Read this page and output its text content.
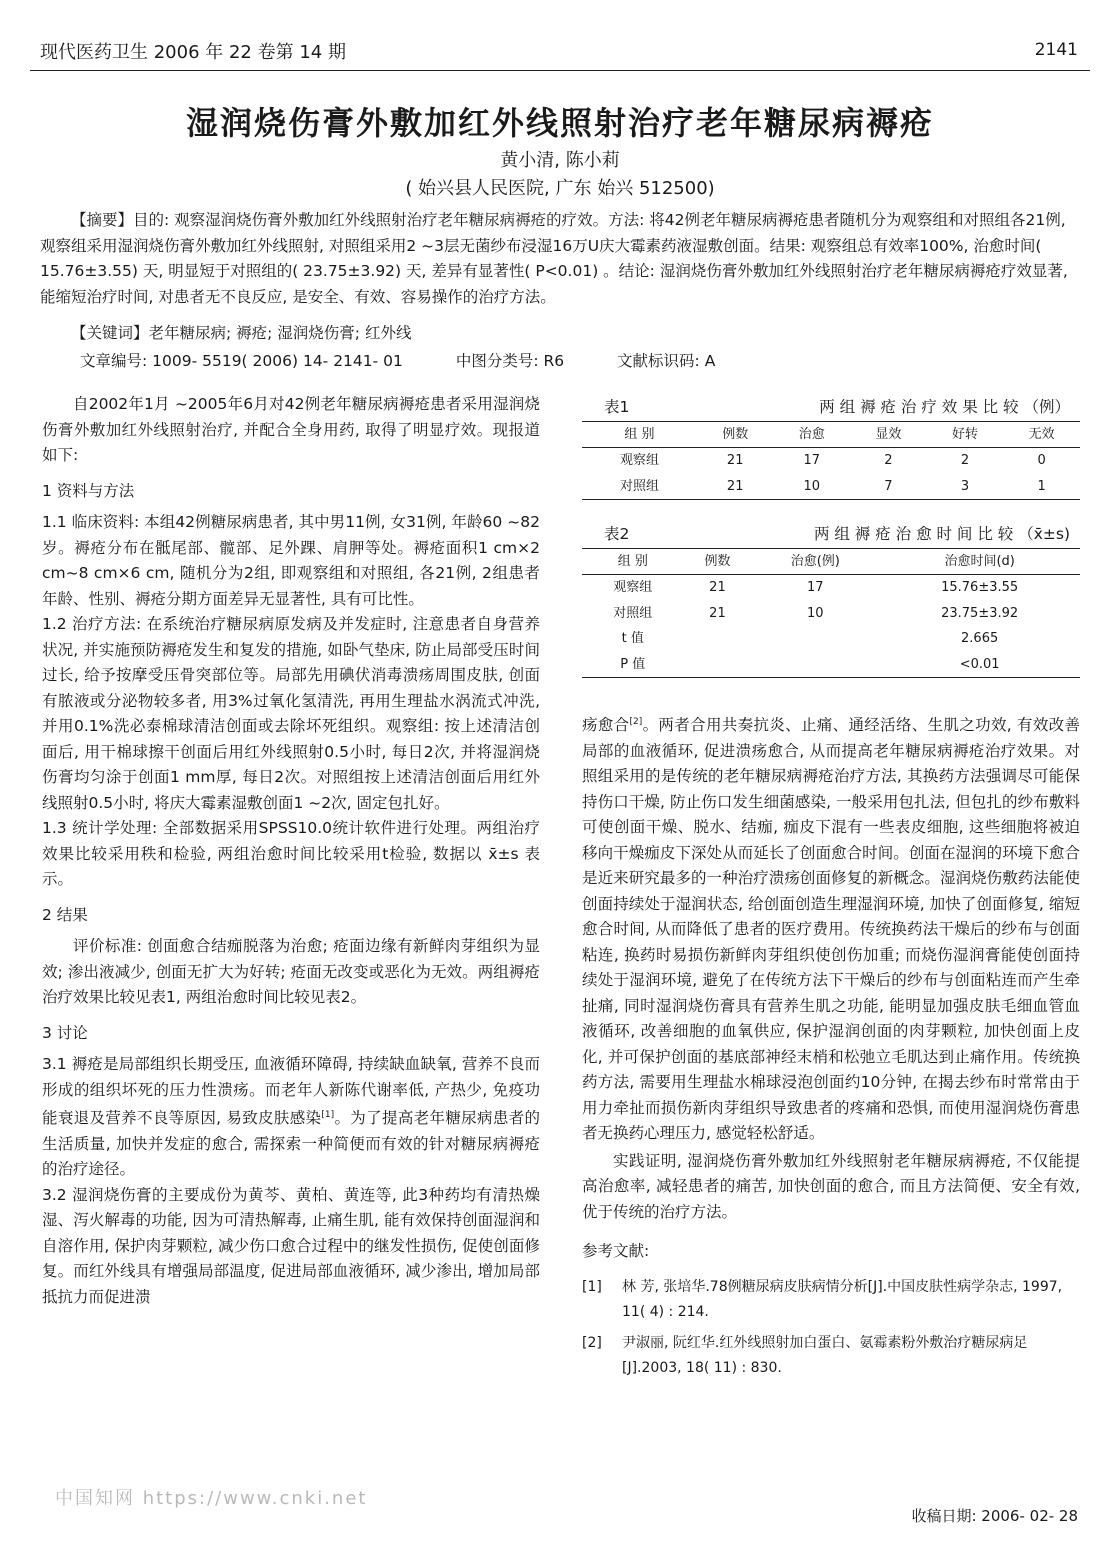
现代医药卫生 2006 年 22 卷第 14 期	2141
湿润烧伤膏外敷加红外线照射治疗老年糖尿病褥疮
黄小清, 陈小莉
( 始兴县人民医院, 广东 始兴 512500)

【摘要】目的: 观察湿润烧伤膏外敷加红外线照射治疗老年糖尿病褥疮的疗效。方法: 将42例老年糖尿病褥疮患者随机分为观察组和对照组各21例, 观察组采用湿润烧伤膏外敷加红外线照射, 对照组采用2 ~3层无菌纱布浸湿16万U庆大霉素药液湿敷创面。结果: 观察组总有效率100%, 治愈时间( 15.76±3.55) 天, 明显短于对照组的( 23.75±3.92) 天, 差异有显著性( P<0.01) 。结论: 湿润烧伤膏外敷加红外线照射治疗老年糖尿病褥疮疗效显著, 能缩短治疗时间, 对患者无不良反应, 是安全、有效、容易操作的治疗方法。

【关键词】老年糖尿病; 褥疮; 湿润烧伤膏; 红外线
文章编号: 1009- 5519( 2006) 14- 2141- 01	中图分类号: R6	文献标识码: A

自2002年1月 ~2005年6月对42例老年糖尿病褥疮患者采用湿润烧伤膏外敷加红外线照射治疗, 并配合全身用药, 取得了明显疗效。现报道如下:

1 资料与方法

1.1 临床资料: 本组42例糖尿病患者, 其中男11例, 女31例, 年龄60 ~82岁。褥疮分布在骶尾部、髋部、足外踝、肩胛等处。褥疮面积1 cm×2 cm~8 cm×6 cm, 随机分为2组, 即观察组和对照组, 各21例, 2组患者年龄、性别、褥疮分期方面差异无显著性, 具有可比性。

1.2 治疗方法: 在系统治疗糖尿病原发病及并发症时, 注意患者自身营养状况, 并实施预防褥疮发生和复发的措施, 如卧气垫床, 防止局部受压时间过长, 给予按摩受压骨突部位等。局部先用碘伏消毒溃疡周围皮肤, 创面有脓液或分泌物较多者, 用3%过氧化氢清洗, 再用生理盐水涡流式冲洗, 并用0.1%洗必泰棉球清洁创面或去除坏死组织。观察组: 按上述清洁创面后, 用干棉球擦干创面后用红外线照射0.5小时, 每日2次, 并将湿润烧伤膏均匀涂于创面1 mm厚, 每日2次。对照组按上述清洁创面后用红外线照射0.5小时, 将庆大霉素湿敷创面1 ~2次, 固定包扎好。

1.3 统计学处理: 全部数据采用SPSS10.0统计软件进行处理。两组治疗效果比较采用秩和检验, 两组治愈时间比较采用t检验, 数据以 x̄±s 表示。

2 结果

评价标准: 创面愈合结痂脱落为治愈; 疮面边缘有新鲜肉芽组织为显效; 渗出液减少, 创面无扩大为好转; 疮面无改变或恶化为无效。两组褥疮治疗效果比较见表1, 两组治愈时间比较见表2。

3 讨论

3.1 褥疮是局部组织长期受压, 血液循环障碍, 持续缺血缺氧, 营养不良而形成的组织坏死的压力性溃疡。而老年人新陈代谢率低, 产热少, 免疫功能衰退及营养不良等原因, 易致皮肤感染[1]。为了提高老年糖尿病患者的生活质量, 加快并发症的愈合, 需探索一种简便而有效的针对糖尿病褥疮的治疗途径。

3.2 湿润烧伤膏的主要成份为黄芩、黄柏、黄连等, 此3种药均有清热燥湿、泻火解毒的功能, 因为可清热解毒, 止痛生肌, 能有效保持创面湿润和自溶作用, 保护肉芽颗粒, 减少伤口愈合过程中的继发性损伤, 促使创面修复。而红外线具有增强局部温度, 促进局部血液循环, 减少渗出, 增加局部抵抗力而促进溃

表1	两 组 褥 疮 治 疗 效 果 比 较 （例）
组 别	例数	治愈	显效	好转	无效
观察组	21	17	2	2	0
对照组	21	10	7	3	1
表2	两 组 褥 疮 治 愈 时 间 比 较 （x̄±s)
组 别	例数	治愈(例)	治愈时间(d)
观察组	21	17	15.76±3.55
对照组	21	10	23.75±3.92
t 值			2.665
P 值			<0.01

疡愈合[2]。两者合用共奏抗炎、止痛、通经活络、生肌之功效, 有效改善局部的血液循环, 促进溃疡愈合, 从而提高老年糖尿病褥疮治疗效果。对照组采用的是传统的老年糖尿病褥疮治疗方法, 其换药方法强调尽可能保持伤口干燥, 防止伤口发生细菌感染, 一般采用包扎法, 但包扎的纱布敷料可使创面干燥、脱水、结痂, 痂皮下混有一些表皮细胞, 这些细胞将被迫移向干燥痂皮下深处从而延长了创面愈合时间。创面在湿润的环境下愈合是近来研究最多的一种治疗溃疡创面修复的新概念。湿润烧伤敷药法能使创面持续处于湿润状态, 给创面创造生理湿润环境, 加快了创面修复, 缩短愈合时间, 从而降低了患者的医疗费用。传统换药法干燥后的纱布与创面粘连, 换药时易损伤新鲜肉芽组织使创伤加重; 而烧伤湿润膏能使创面持续处于湿润环境, 避免了在传统方法下干燥后的纱布与创面粘连而产生牵扯痛, 同时湿润烧伤膏具有营养生肌之功能, 能明显加强皮肤毛细血管血液循环, 改善细胞的血氧供应, 保护湿润创面的肉芽颗粒, 加快创面上皮化, 并可保护创面的基底部神经末梢和松弛立毛肌达到止痛作用。传统换药方法, 需要用生理盐水棉球浸泡创面约10分钟, 在揭去纱布时常常由于用力牵扯而损伤新肉芽组织导致患者的疼痛和恐惧, 而使用湿润烧伤膏患者无换药心理压力, 感觉轻松舒适。

实践证明, 湿润烧伤膏外敷加红外线照射老年糖尿病褥疮, 不仅能提高治愈率, 减轻患者的痛苦, 加快创面的愈合, 而且方法简便、安全有效, 优于传统的治疗方法。

参考文献:

[1]	林 芳, 张培华.78例糖尿病皮肤病情分析[J].中国皮肤性病学杂志, 1997, 11( 4) : 214.
[2]	尹淑丽, 阮红华.红外线照射加白蛋白、氨霉素粉外敷治疗糖尿病足[J].2003, 18( 11) : 830.
中国知网 https://www.cnki.net
收稿日期: 2006- 02- 28
